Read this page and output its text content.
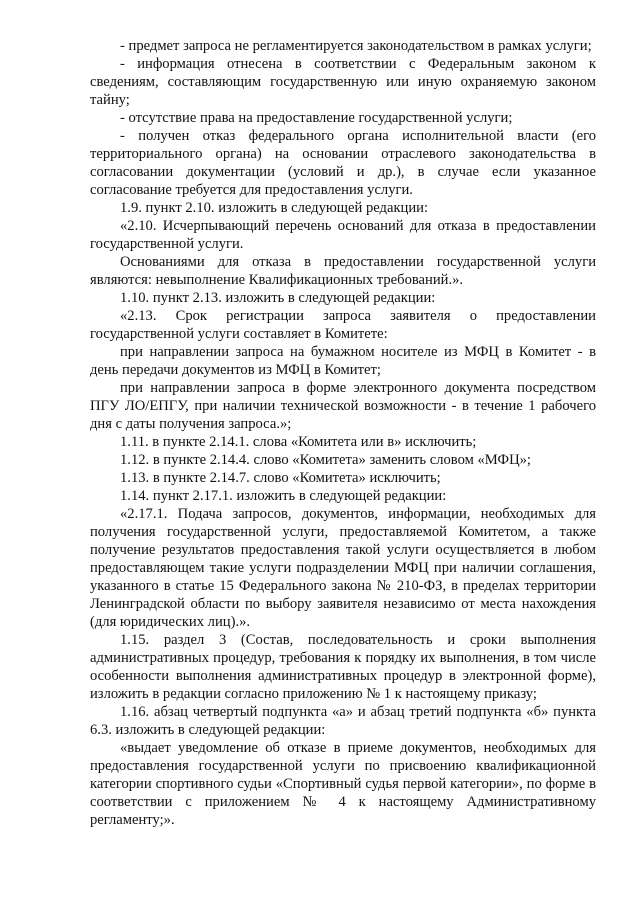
- предмет запроса не регламентируется законодательством в рамках услуги;

- информация отнесена в соответствии с Федеральным законом к сведениям, составляющим государственную или иную охраняемую законом тайну;

- отсутствие права на предоставление государственной услуги;

- получен отказ федерального органа исполнительной власти (его территориального органа) на основании отраслевого законодательства в согласовании документации (условий и др.), в случае если указанное согласование требуется для предоставления услуги.

1.9. пункт 2.10. изложить в следующей редакции:

«2.10. Исчерпывающий перечень оснований для отказа в предоставлении государственной услуги.

Основаниями для отказа в предоставлении государственной услуги являются: невыполнение Квалификационных требований.».

1.10. пункт 2.13. изложить в следующей редакции:

«2.13. Срок регистрации запроса заявителя о предоставлении государственной услуги составляет в Комитете:

при направлении запроса на бумажном носителе из МФЦ в Комитет - в день передачи документов из МФЦ в Комитет;

при направлении запроса в форме электронного документа посредством ПГУ ЛО/ЕПГУ, при наличии технической возможности - в течение 1 рабочего дня с даты получения запроса.»;

1.11. в пункте 2.14.1. слова «Комитета или в» исключить;

1.12. в пункте 2.14.4. слово «Комитета» заменить словом «МФЦ»;

1.13. в пункте 2.14.7. слово «Комитета» исключить;

1.14. пункт 2.17.1. изложить в следующей редакции:

«2.17.1. Подача запросов, документов, информации, необходимых для получения государственной услуги, предоставляемой Комитетом, а также получение результатов предоставления такой услуги осуществляется в любом предоставляющем такие услуги подразделении МФЦ при наличии соглашения, указанного в статье 15 Федерального закона № 210-ФЗ, в пределах территории Ленинградской области по выбору заявителя независимо от места нахождения (для юридических лиц).».

1.15. раздел 3 (Состав, последовательность и сроки выполнения административных процедур, требования к порядку их выполнения, в том числе особенности выполнения административных процедур в электронной форме), изложить в редакции согласно приложению № 1 к настоящему приказу;

1.16. абзац четвертый подпункта «а» и абзац третий подпункта «б» пункта 6.3. изложить в следующей редакции:

«выдает уведомление об отказе в приеме документов, необходимых для предоставления государственной услуги по присвоению квалификационной категории спортивного судьи «Спортивный судья первой категории», по форме в соответствии с приложением № 4 к настоящему Административному регламенту;».
